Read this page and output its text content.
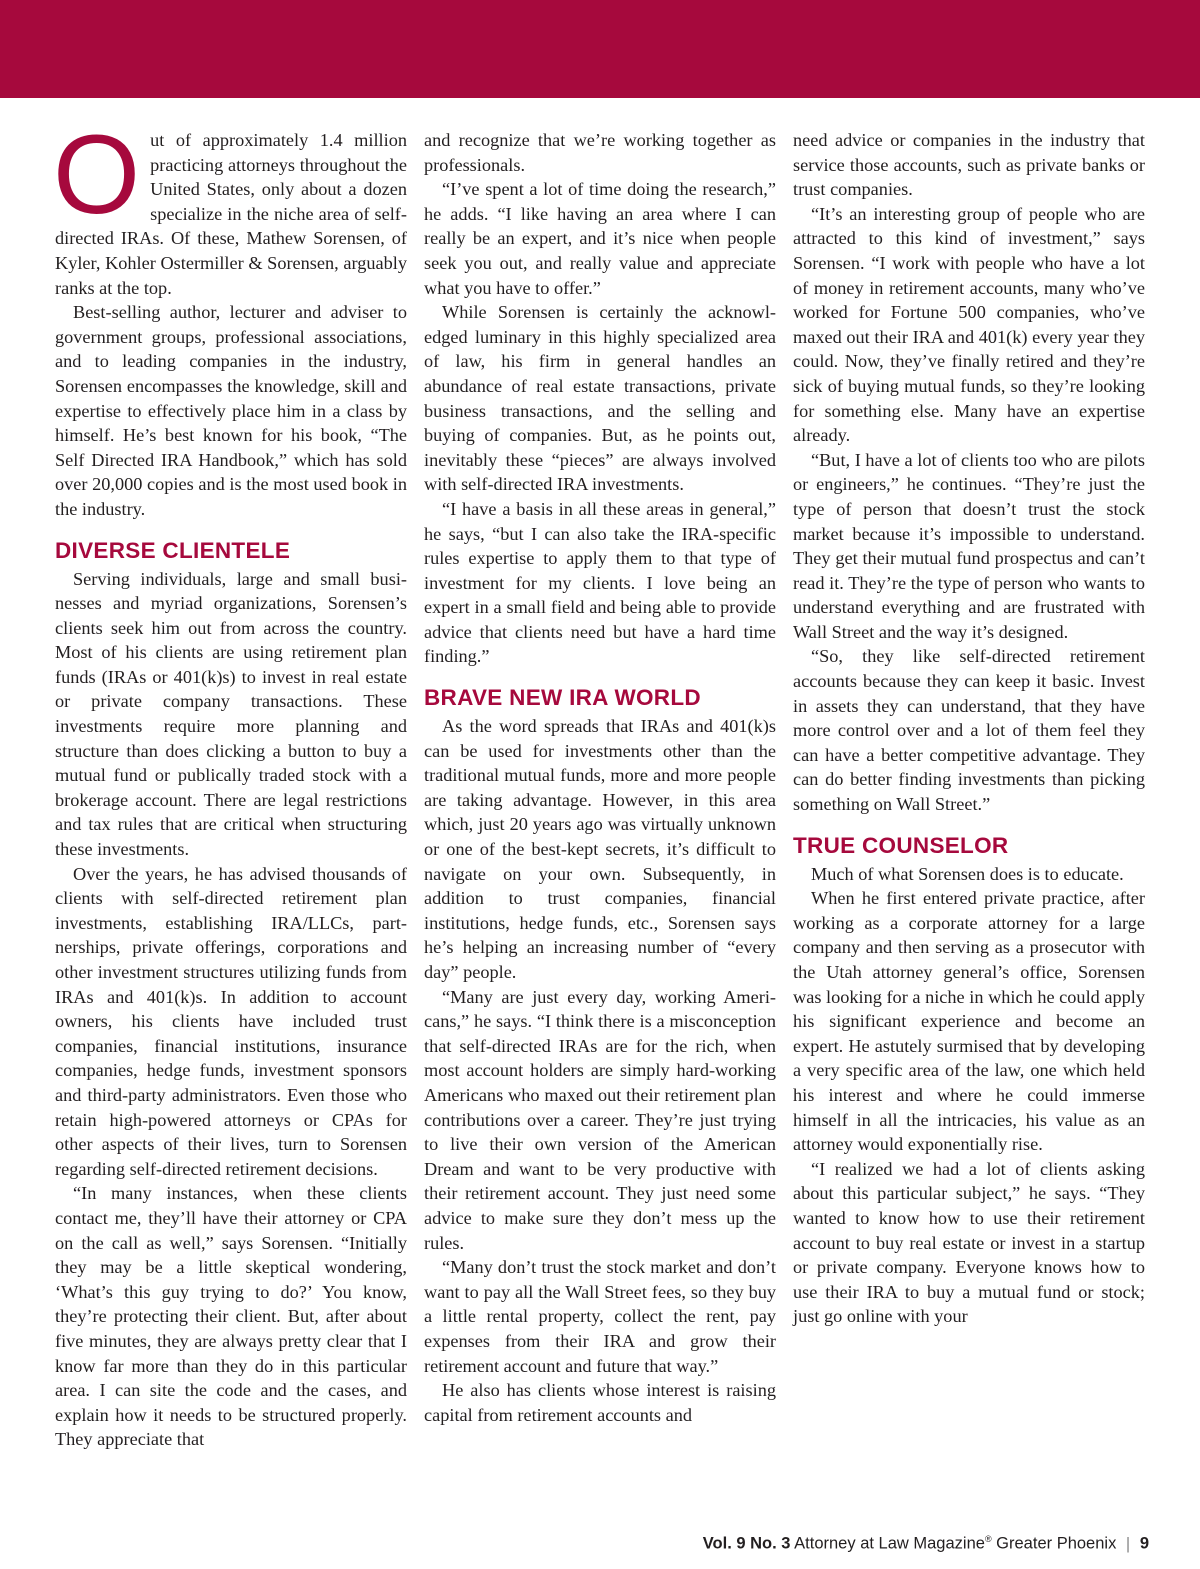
Out of approximately 1.4 million practicing attorneys throughout the United States, only about a dozen specialize in the niche area of self-directed IRAs. Of these, Mathew Sorensen, of Kyler, Kohler Ostermiller & Sorensen, arguably ranks at the top.

Best-selling author, lecturer and adviser to government groups, professional associations, and to leading companies in the industry, Sorensen encompasses the knowledge, skill and expertise to effectively place him in a class by himself. He’s best known for his book, “The Self Directed IRA Handbook,” which has sold over 20,000 copies and is the most used book in the industry.

DIVERSE CLIENTELE

Serving individuals, large and small businesses and myriad organizations, Sorensen’s clients seek him out from across the country. Most of his clients are using retirement plan funds (IRAs or 401(k)s) to invest in real estate or private company transactions. These investments require more planning and structure than does clicking a button to buy a mutual fund or publically traded stock with a brokerage account. There are legal restrictions and tax rules that are critical when structuring these investments.

Over the years, he has advised thousands of clients with self-directed retirement plan investments, establishing IRA/LLCs, partnerships, private offerings, corporations and other investment structures utilizing funds from IRAs and 401(k)s. In addition to account owners, his clients have included trust companies, financial institutions, insurance companies, hedge funds, investment sponsors and third-party administrators. Even those who retain high-powered attorneys or CPAs for other aspects of their lives, turn to Sorensen regarding self-directed retirement decisions.

“In many instances, when these clients contact me, they’ll have their attorney or CPA on the call as well,” says Sorensen. “Initially they may be a little skeptical wondering, ‘What’s this guy trying to do?’ You know, they’re protecting their client. But, after about five minutes, they are always pretty clear that I know far more than they do in this particular area. I can site the code and the cases, and explain how it needs to be structured properly. They appreciate that

and recognize that we’re working together as professionals.

“I’ve spent a lot of time doing the research,” he adds. “I like having an area where I can really be an expert, and it’s nice when people seek you out, and really value and appreciate what you have to offer.”

While Sorensen is certainly the acknowledged luminary in this highly specialized area of law, his firm in general handles an abundance of real estate transactions, private business transactions, and the selling and buying of companies. But, as he points out, inevitably these “pieces” are always involved with self-directed IRA investments.

“I have a basis in all these areas in general,” he says, “but I can also take the IRA-specific rules expertise to apply them to that type of investment for my clients. I love being an expert in a small field and being able to provide advice that clients need but have a hard time finding.”

BRAVE NEW IRA WORLD

As the word spreads that IRAs and 401(k)s can be used for investments other than the traditional mutual funds, more and more people are taking advantage. However, in this area which, just 20 years ago was virtually unknown or one of the best-kept secrets, it’s difficult to navigate on your own. Subsequently, in addition to trust companies, financial institutions, hedge funds, etc., Sorensen says he’s helping an increasing number of “every day” people.

“Many are just every day, working Americans,” he says. “I think there is a misconception that self-directed IRAs are for the rich, when most account holders are simply hard-working Americans who maxed out their retirement plan contributions over a career. They’re just trying to live their own version of the American Dream and want to be very productive with their retirement account. They just need some advice to make sure they don’t mess up the rules.

“Many don’t trust the stock market and don’t want to pay all the Wall Street fees, so they buy a little rental property, collect the rent, pay expenses from their IRA and grow their retirement account and future that way.”

He also has clients whose interest is raising capital from retirement accounts and

need advice or companies in the industry that service those accounts, such as private banks or trust companies.

“It’s an interesting group of people who are attracted to this kind of investment,” says Sorensen. “I work with people who have a lot of money in retirement accounts, many who’ve worked for Fortune 500 companies, who’ve maxed out their IRA and 401(k) every year they could. Now, they’ve finally retired and they’re sick of buying mutual funds, so they’re looking for something else. Many have an expertise already.

“But, I have a lot of clients too who are pilots or engineers,” he continues. “They’re just the type of person that doesn’t trust the stock market because it’s impossible to understand. They get their mutual fund prospectus and can’t read it. They’re the type of person who wants to understand everything and are frustrated with Wall Street and the way it’s designed.

“So, they like self-directed retirement accounts because they can keep it basic. Invest in assets they can understand, that they have more control over and a lot of them feel they can have a better competitive advantage. They can do better finding investments than picking something on Wall Street.”

TRUE COUNSELOR

Much of what Sorensen does is to educate.

When he first entered private practice, after working as a corporate attorney for a large company and then serving as a prosecutor with the Utah attorney general’s office, Sorensen was looking for a niche in which he could apply his significant experience and become an expert. He astutely surmised that by developing a very specific area of the law, one which held his interest and where he could immerse himself in all the intricacies, his value as an attorney would exponentially rise.

“I realized we had a lot of clients asking about this particular subject,” he says. “They wanted to know how to use their retirement account to buy real estate or invest in a startup or private company. Everyone knows how to use their IRA to buy a mutual fund or stock; just go online with your

Vol. 9 No. 3 Attorney at Law Magazine® Greater Phoenix | 9
